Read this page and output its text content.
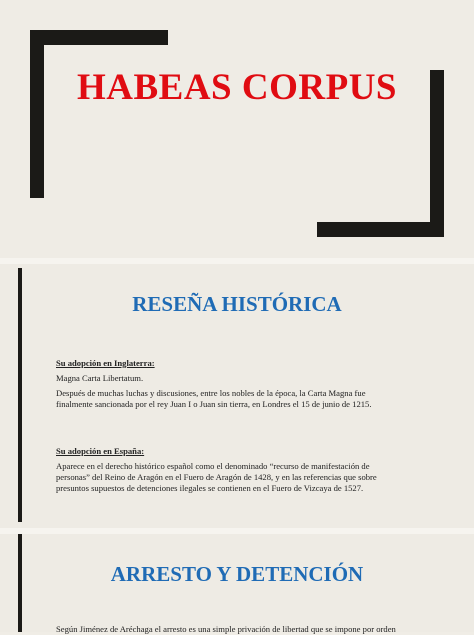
HABEAS CORPUS
RESEÑA HISTÓRICA
Su adopción en Inglaterra:
Magna Carta Libertatum.
Después de muchas luchas y discusiones, entre los nobles de la época, la Carta Magna fue finalmente sancionada por el rey Juan I o Juan sin tierra, en Londres el 15 de junio de 1215.
Su adopción en España:
Aparece en el derecho histórico español como el denominado “recurso de manifestación de personas” del Reino de Aragón en el Fuero de Aragón de 1428, y en las referencias que sobre presuntos supuestos de detenciones ilegales se contienen en el Fuero de Vizcaya de 1527.
ARRESTO Y DETENCIÓN
Según Jiménez de Aréchaga el arresto es una simple privación de libertad que se impone por orden
